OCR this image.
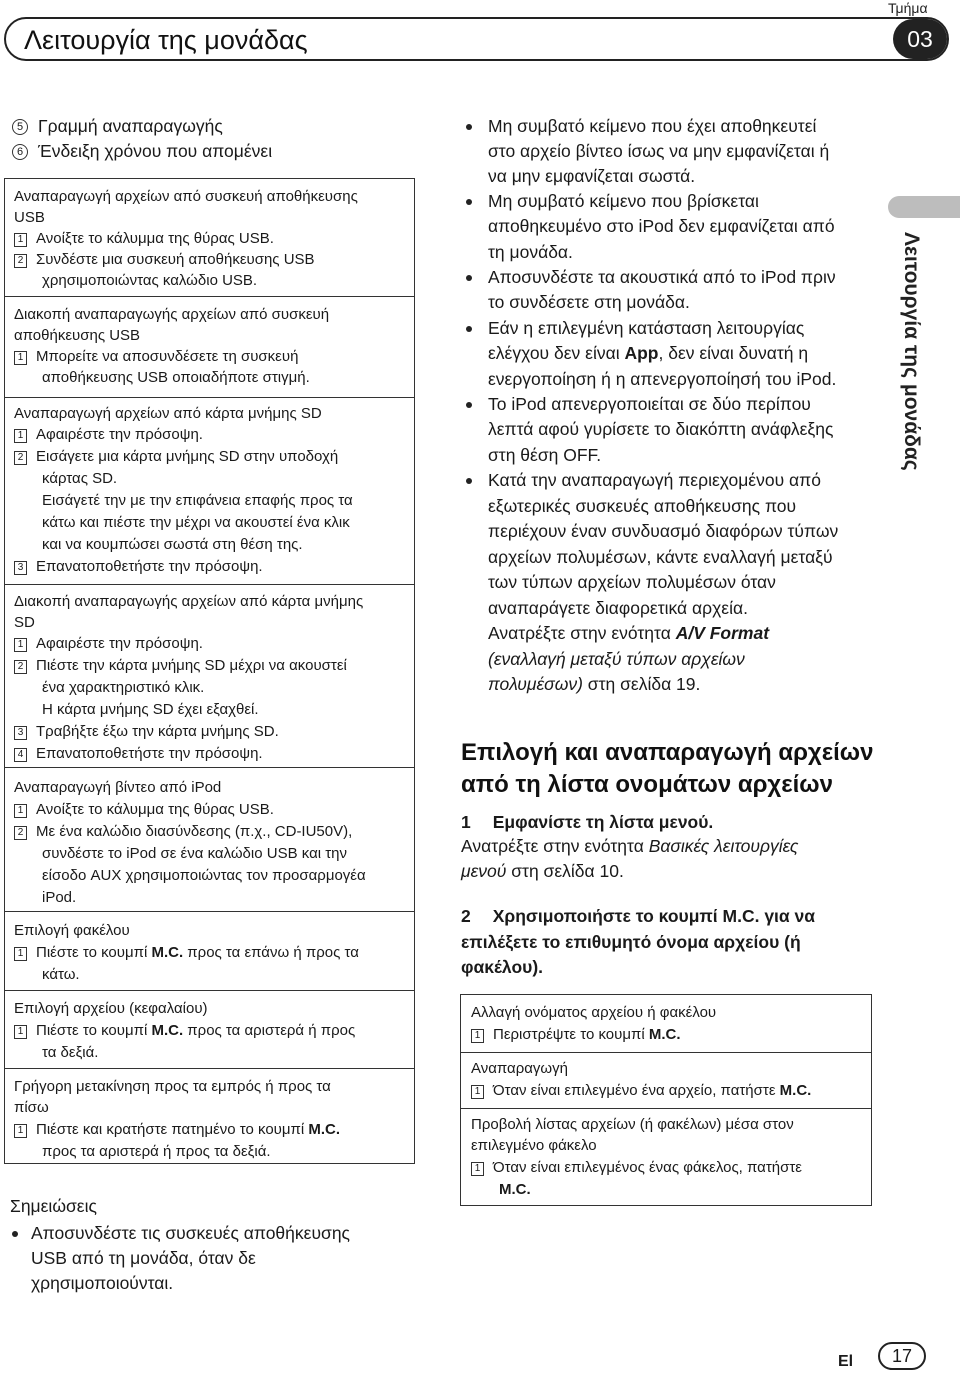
Λειτουργία της μονάδας
Τμήμα
03
Λειτουργία της μονάδας
5 Γραμμή αναπαραγωγής
6 Ένδειξη χρόνου που απομένει
Αναπαραγωγή αρχείων από συσκευή αποθήκευσης
USB
1 Ανοίξτε το κάλυμμα της θύρας USB.
2 Συνδέστε μια συσκευή αποθήκευσης USB
χρησιμοποιώντας καλώδιο USB.
Διακοπή αναπαραγωγής αρχείων από συσκευή
αποθήκευσης USB
1 Μπορείτε να αποσυνδέσετε τη συσκευή
αποθήκευσης USB οποιαδήποτε στιγμή.
Αναπαραγωγή αρχείων από κάρτα μνήμης SD
1 Αφαιρέστε την πρόσοψη.
2 Εισάγετε μια κάρτα μνήμης SD στην υποδοχή
κάρτας SD.
Εισάγετέ την με την επιφάνεια επαφής προς τα
κάτω και πιέστε την μέχρι να ακουστεί ένα κλικ
και να κουμπώσει σωστά στη θέση της.
3 Επανατοποθετήστε την πρόσοψη.
Διακοπή αναπαραγωγής αρχείων από κάρτα μνήμης
SD
1 Αφαιρέστε την πρόσοψη.
2 Πιέστε την κάρτα μνήμης SD μέχρι να ακουστεί
ένα χαρακτηριστικό κλικ.
Η κάρτα μνήμης SD έχει εξαχθεί.
3 Τραβήξτε έξω την κάρτα μνήμης SD.
4 Επανατοποθετήστε την πρόσοψη.
Αναπαραγωγή βίντεο από iPod
1 Ανοίξτε το κάλυμμα της θύρας USB.
2 Με ένα καλώδιο διασύνδεσης (π.χ., CD-IU50V),
συνδέστε το iPod σε ένα καλώδιο USB και την
είσοδο AUX χρησιμοποιώντας τον προσαρμογέα
iPod.
Επιλογή φακέλου
1 Πιέστε το κουμπί M.C. προς τα επάνω ή προς τα
κάτω.
Επιλογή αρχείου (κεφαλαίου)
1 Πιέστε το κουμπί M.C. προς τα αριστερά ή προς
τα δεξιά.
Γρήγορη μετακίνηση προς τα εμπρός ή προς τα
πίσω
1 Πιέστε και κρατήστε πατημένο το κουμπί M.C.
προς τα αριστερά ή προς τα δεξιά.
Σημειώσεις
Αποσυνδέστε τις συσκευές αποθήκευσης
USB από τη μονάδα, όταν δε
χρησιμοποιούνται.
Μη συμβατό κείμενο που έχει αποθηκευτεί
στο αρχείο βίντεο ίσως να μην εμφανίζεται ή
να μην εμφανίζεται σωστά.
Μη συμβατό κείμενο που βρίσκεται
αποθηκευμένο στο iPod δεν εμφανίζεται από
τη μονάδα.
Αποσυνδέστε τα ακουστικά από το iPod πριν
το συνδέσετε στη μονάδα.
Εάν η επιλεγμένη κατάσταση λειτουργίας
ελέγχου δεν είναι App, δεν είναι δυνατή η
ενεργοποίηση ή η απενεργοποίησή του iPod.
Το iPod απενεργοποιείται σε δύο περίπου
λεπτά αφού γυρίσετε το διακόπτη ανάφλεξης
στη θέση OFF.
Κατά την αναπαραγωγή περιεχομένου από
εξωτερικές συσκευές αποθήκευσης που
περιέχουν έναν συνδυασμό διαφόρων τύπων
αρχείων πολυμέσων, κάντε εναλλαγή μεταξύ
των τύπων αρχείων πολυμέσων όταν
αναπαράγετε διαφορετικά αρχεία.
Ανατρέξτε στην ενότητα A/V Format
(εναλλαγή μεταξύ τύπων αρχείων
πολυμέσων) στη σελίδα 19.
Επιλογή και αναπαραγωγή αρχείων
από τη λίστα ονομάτων αρχείων
1 Εμφανίστε τη λίστα μενού.
Ανατρέξτε στην ενότητα Βασικές λειτουργίες
μενού στη σελίδα 10.
2 Χρησιμοποιήστε το κουμπί M.C. για να
επιλέξετε το επιθυμητό όνομα αρχείου (ή
φακέλου).
Αλλαγή ονόματος αρχείου ή φακέλου
1 Περιστρέψτε το κουμπί M.C.
Αναπαραγωγή
1 Όταν είναι επιλεγμένο ένα αρχείο, πατήστε M.C.
Προβολή λίστας αρχείων (ή φακέλων) μέσα στον
επιλεγμένο φάκελο
1 Όταν είναι επιλεγμένος ένας φάκελος, πατήστε
M.C.
El	17
